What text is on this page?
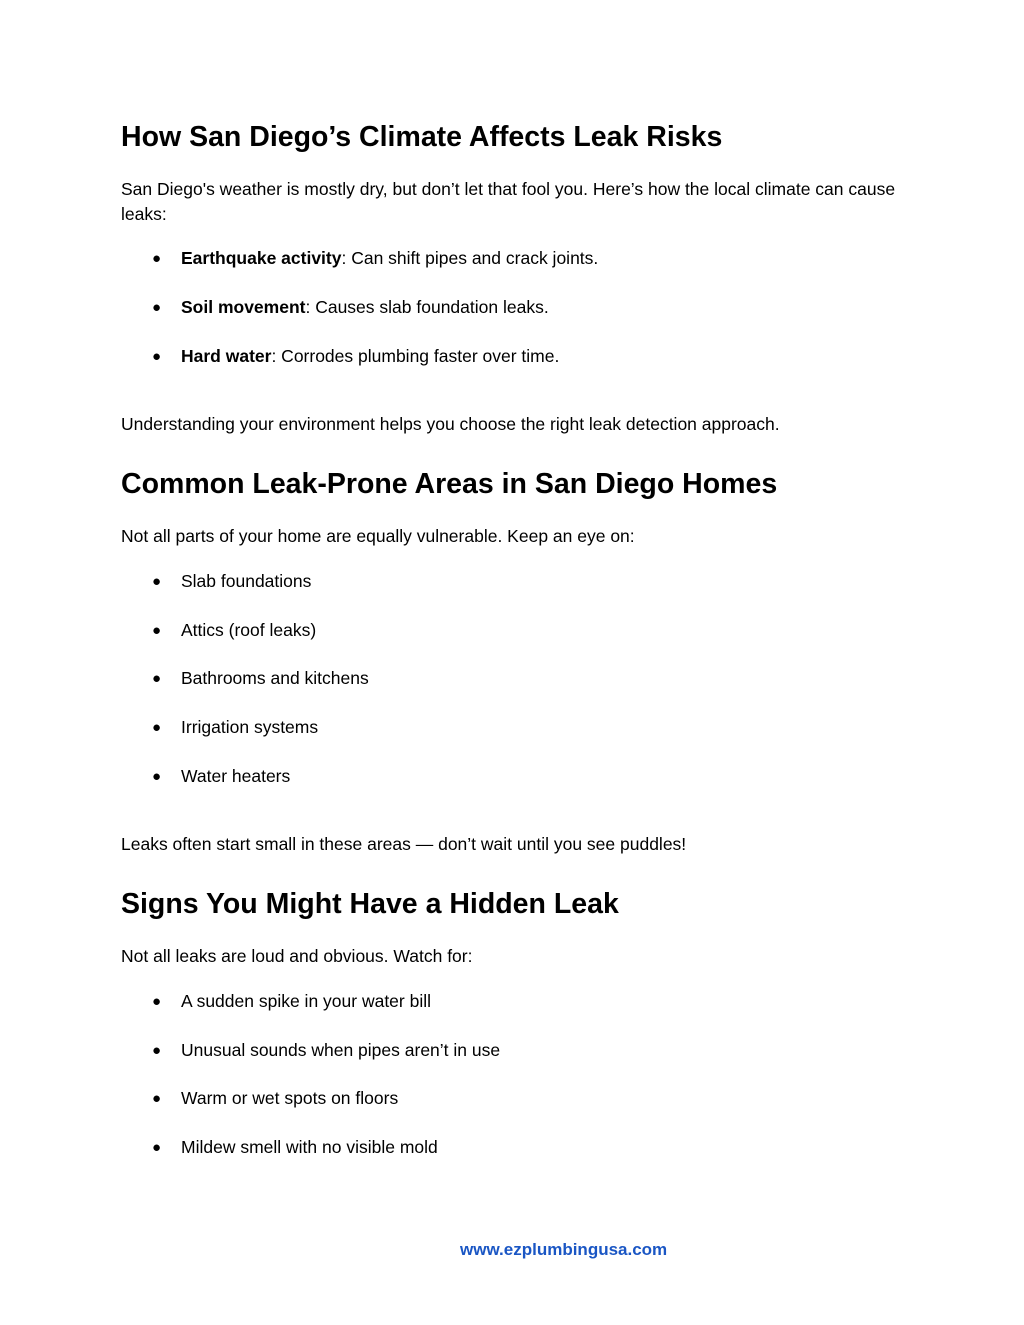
How San Diego’s Climate Affects Leak Risks

San Diego's weather is mostly dry, but don’t let that fool you. Here’s how the local climate can cause leaks:

● Earthquake activity: Can shift pipes and crack joints.
● Soil movement: Causes slab foundation leaks.
● Hard water: Corrodes plumbing faster over time.

Understanding your environment helps you choose the right leak detection approach.

Common Leak-Prone Areas in San Diego Homes

Not all parts of your home are equally vulnerable. Keep an eye on:

● Slab foundations
● Attics (roof leaks)
● Bathrooms and kitchens
● Irrigation systems
● Water heaters

Leaks often start small in these areas — don’t wait until you see puddles!

Signs You Might Have a Hidden Leak

Not all leaks are loud and obvious. Watch for:

● A sudden spike in your water bill
● Unusual sounds when pipes aren’t in use
● Warm or wet spots on floors
● Mildew smell with no visible mold
www.ezplumbingusa.com
